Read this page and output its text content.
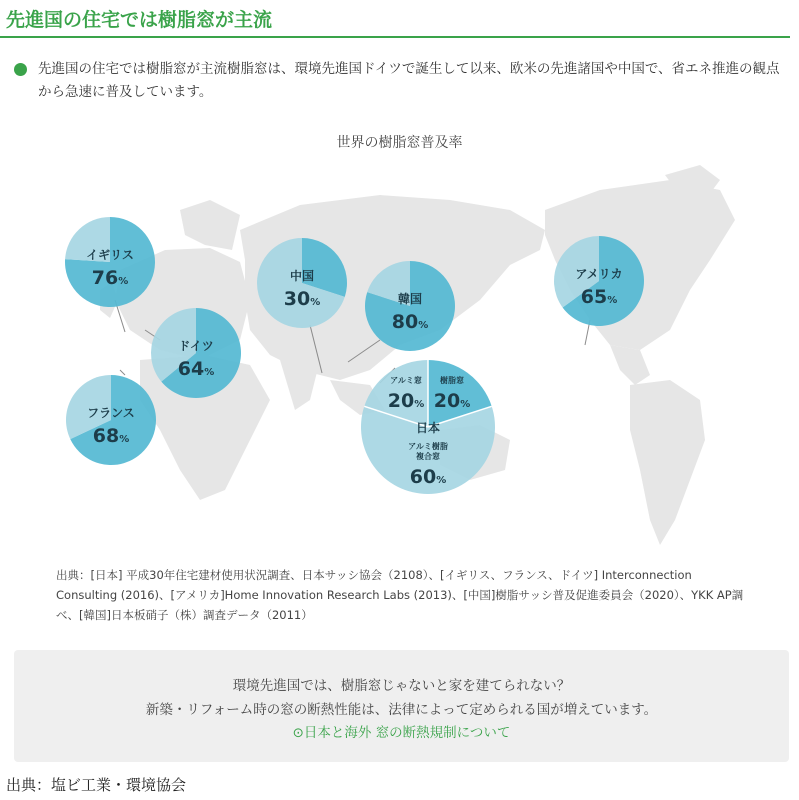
先進国の住宅では樹脂窓が主流
先進国の住宅では樹脂窓が主流樹脂窓は、環境先進国ドイツで誕生して以来、欧米の先進諸国や中国で、省エネ推進の観点から急速に普及しています。
世界の樹脂窓普及率
イギリス
76%
ドイツ
64%
フランス
68%
中国
30%	韓国
80%
アメリカ
65%
アルミ窓
20%
樹脂窓
20%
日本
アルミ樹脂
複合窓
60%
出典：[日本] 平成30年住宅建材使用状況調査、日本サッシ協会（2108）、[イギリス、フランス、ドイツ] Interconnection Consulting (2016)、[アメリカ]Home Innovation Research Labs (2013)、[中国]樹脂サッシ普及促進委員会（2020）、YKK AP調べ、[韓国]日本板硝子（株）調査データ（2011）
環境先進国では、樹脂窓じゃないと家を建てられない？
新築・リフォーム時の窓の断熱性能は、法律によって定められる国が増えています。
⊙日本と海外 窓の断熱規制について
出典：塩ビ工業・環境協会
